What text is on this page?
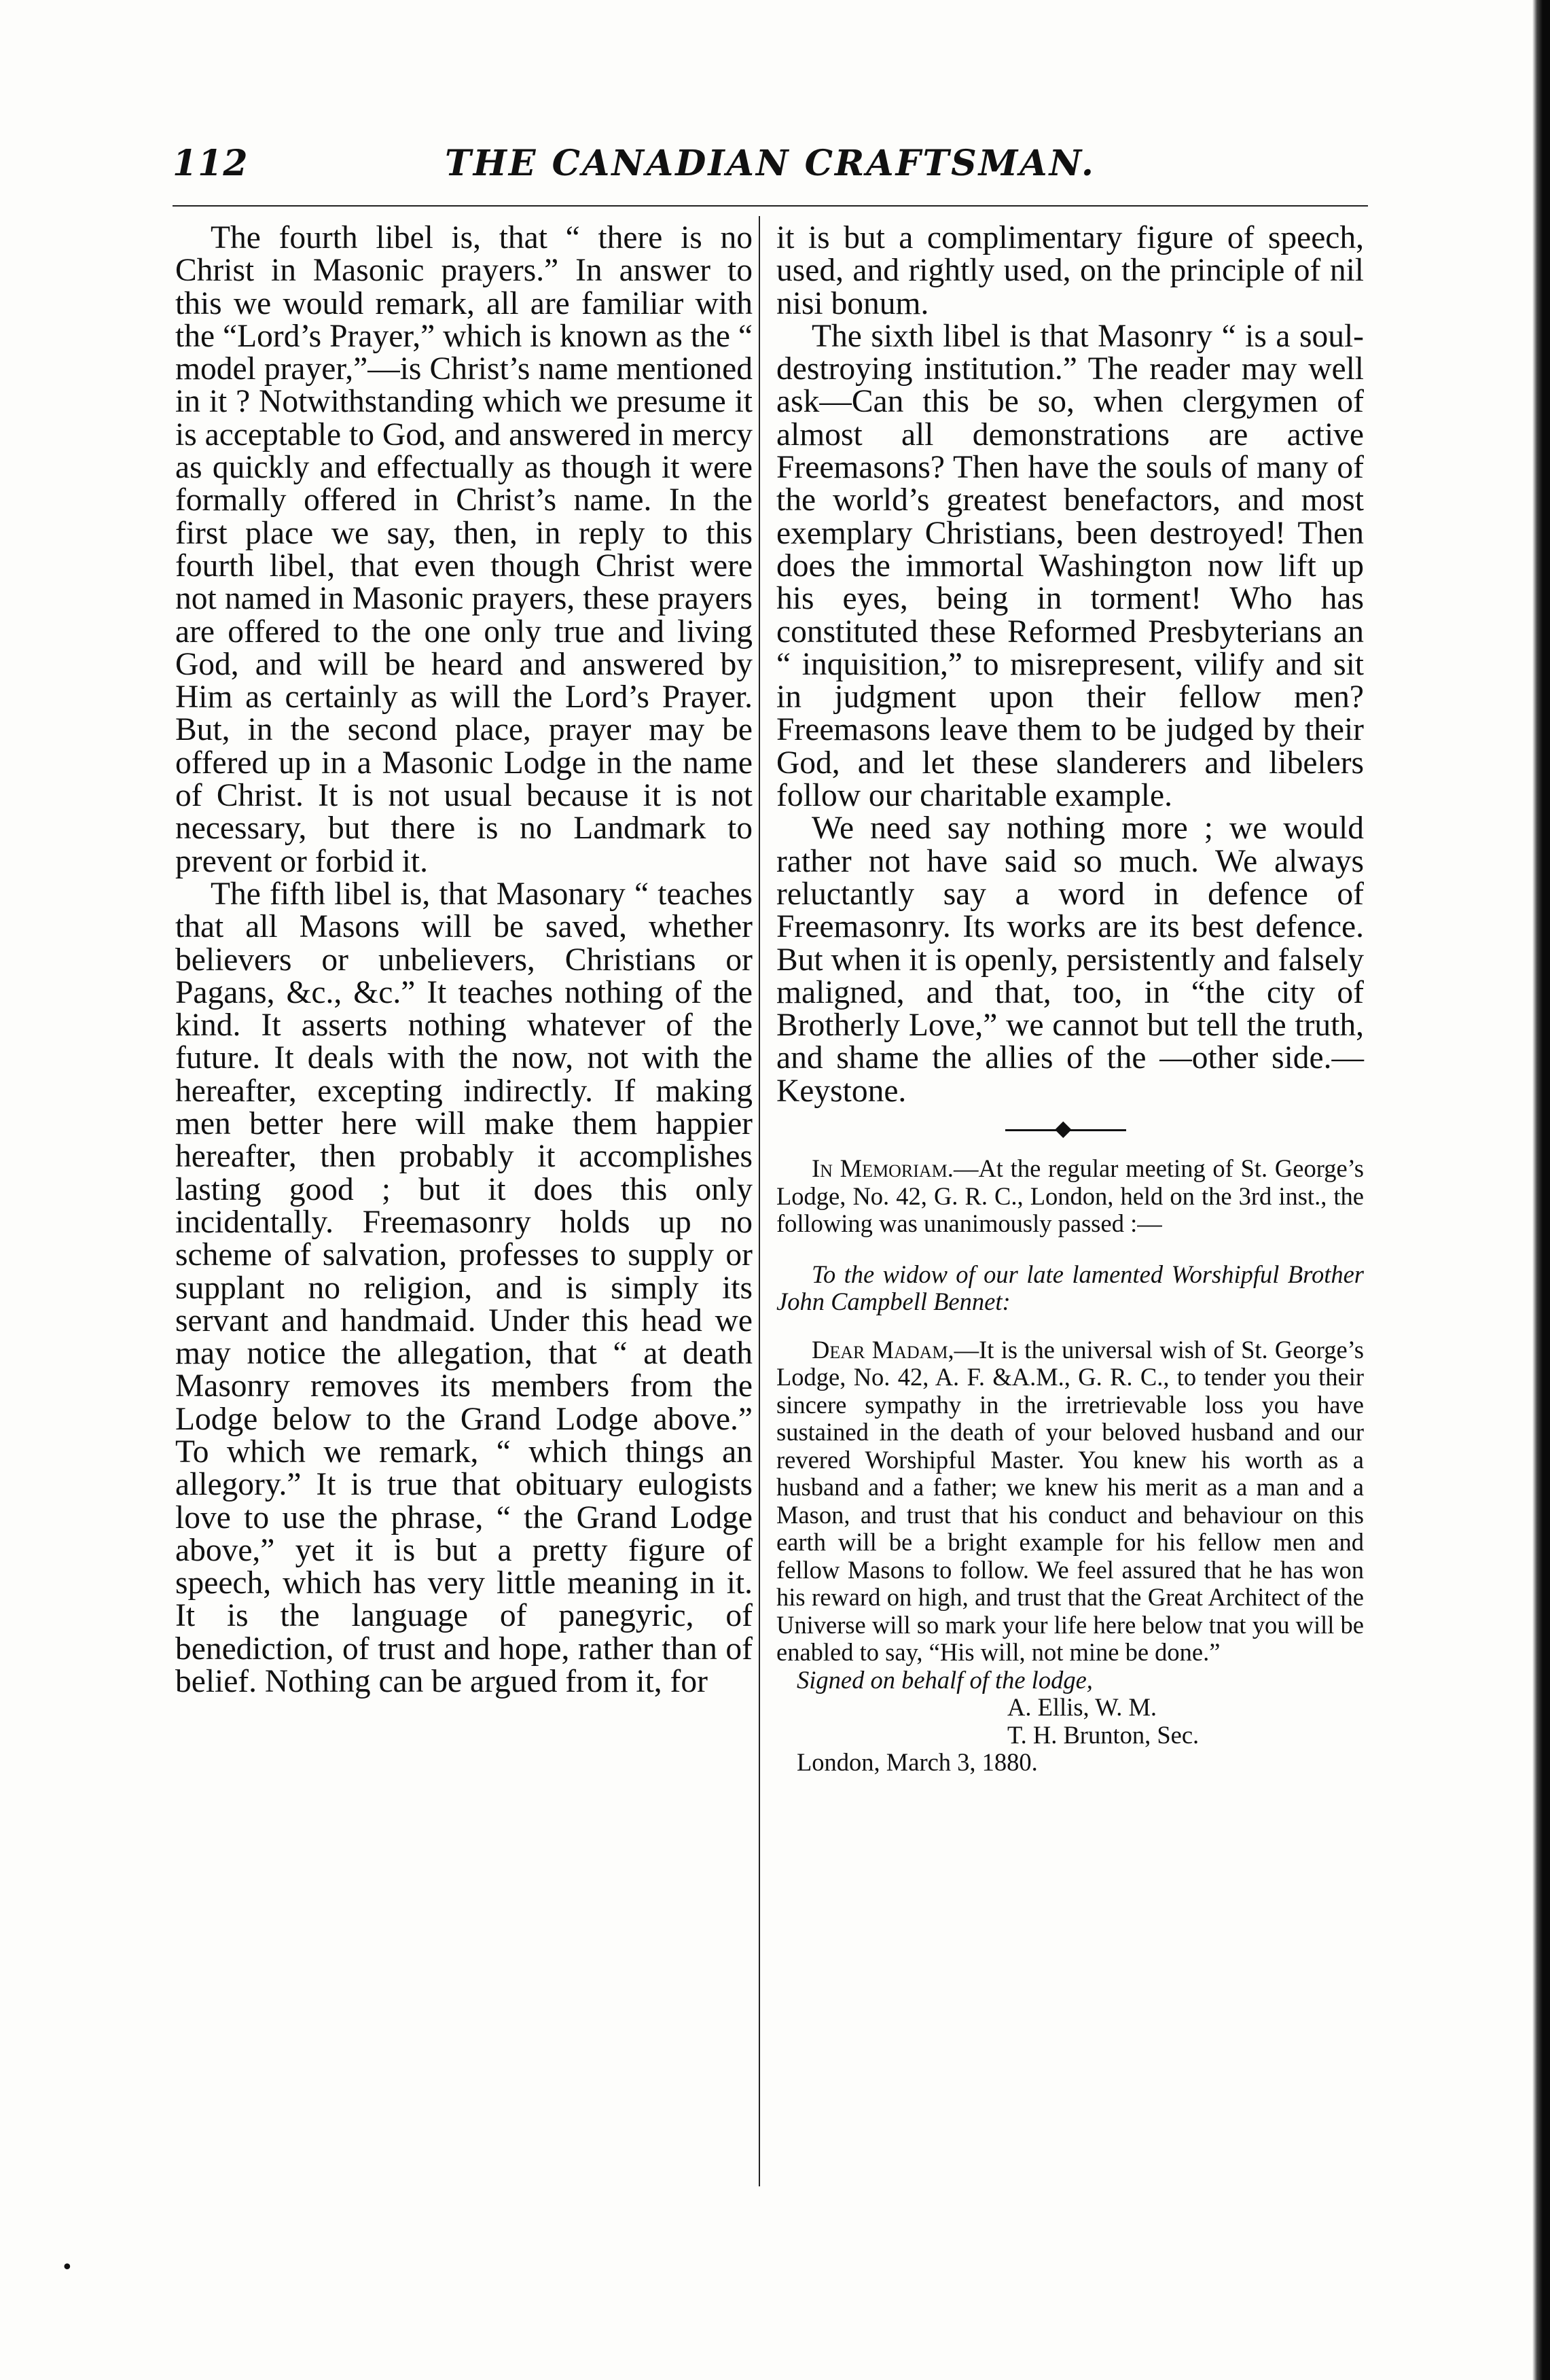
112	THE CANADIAN CRAFTSMAN.

The fourth libel is, that “ there is no Christ in Masonic prayers.” In answer to this we would remark, all are familiar with the “Lord’s Prayer,” which is known as the “ model prayer,”—is Christ’s name mentioned in it ? Notwithstanding which we presume it is acceptable to God, and answered in mercy as quickly and effectually as though it were formally offered in Christ’s name. In the first place we say, then, in reply to this fourth libel, that even though Christ were not named in Masonic prayers, these prayers are offered to the one only true and living God, and will be heard and answered by Him as certainly as will the Lord’s Prayer. But, in the second place, prayer may be offered up in a Masonic Lodge in the name of Christ. It is not usual because it is not necessary, but there is no Landmark to prevent or forbid it.

The fifth libel is, that Masonary “ teaches that all Masons will be saved, whether believers or unbelievers, Christians or Pagans, &c., &c.” It teaches nothing of the kind. It asserts nothing whatever of the future. It deals with the now, not with the hereafter, excepting indirectly. If making men better here will make them happier hereafter, then probably it accomplishes lasting good ; but it does this only incidentally. Freemasonry holds up no scheme of salvation, professes to supply or supplant no religion, and is simply its servant and handmaid. Under this head we may notice the allegation, that “ at death Masonry removes its members from the Lodge below to the Grand Lodge above.” To which we remark, “ which things an allegory.” It is true that obituary eulogists love to use the phrase, “ the Grand Lodge above,” yet it is but a pretty figure of speech, which has very little meaning in it. It is the language of panegyric, of benediction, of trust and hope, rather than of belief. Nothing can be argued from it, for

it is but a complimentary figure of speech, used, and rightly used, on the principle of nil nisi bonum.

The sixth libel is that Masonry “ is a soul-destroying institution.” The reader may well ask—Can this be so, when clergymen of almost all demonstrations are active Freemasons? Then have the souls of many of the world’s greatest benefactors, and most exemplary Christians, been destroyed! Then does the immortal Washington now lift up his eyes, being in torment! Who has constituted these Reformed Presbyterians an “ inquisition,” to misrepresent, vilify and sit in judgment upon their fellow men? Freemasons leave them to be judged by their God, and let these slanderers and libelers follow our charitable example.

We need say nothing more ; we would rather not have said so much. We always reluctantly say a word in defence of Freemasonry. Its works are its best defence. But when it is openly, persistently and falsely maligned, and that, too, in “the city of Brotherly Love,” we cannot but tell the truth, and shame the allies of the —other side.—Keystone.

◆

In Memoriam.—At the regular meeting of St. George’s Lodge, No. 42, G. R. C., London, held on the 3rd inst., the following was unanimously passed :—

To the widow of our late lamented Worshipful Brother John Campbell Bennet:

Dear Madam,—It is the universal wish of St. George’s Lodge, No. 42, A. F. &A.M., G. R. C., to tender you their sincere sympathy in the irretrievable loss you have sustained in the death of your beloved husband and our revered Worshipful Master. You knew his worth as a husband and a father; we knew his merit as a man and a Mason, and trust that his conduct and behaviour on this earth will be a bright example for his fellow men and fellow Masons to follow. We feel assured that he has won his reward on high, and trust that the Great Architect of the Universe will so mark your life here below tnat you will be enabled to say, “His will, not mine be done.”

Signed on behalf of the lodge,

A. Ellis, W. M.

T. H. Brunton, Sec.

London, March 3, 1880.

•
